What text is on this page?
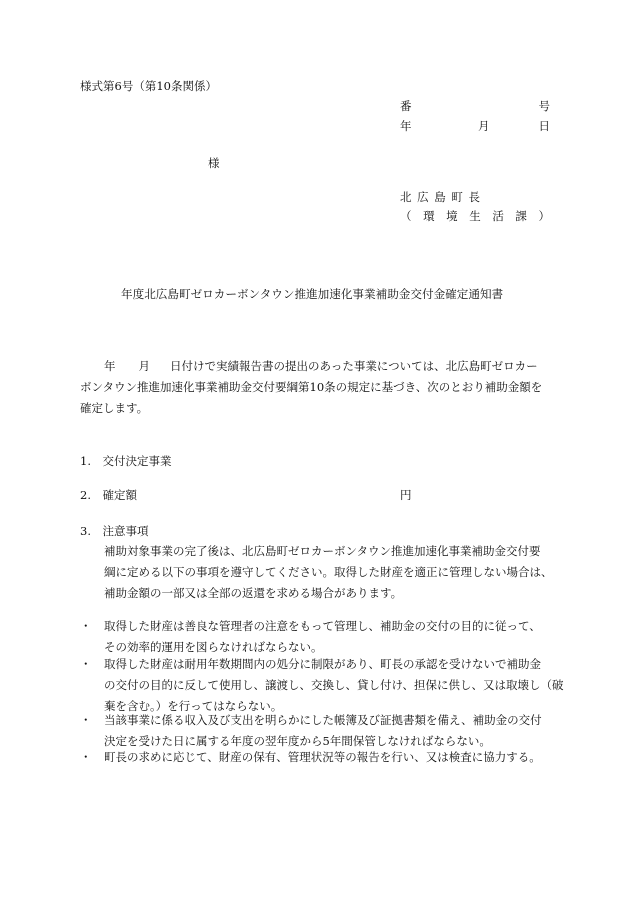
様式第6号（第10条関係）
番	号
年	月	日
様
北 広 島 町 長
（ 環 境 生 活 課 ）
年度北広島町ゼロカーボンタウン推進加速化事業補助金交付金確定通知書
年 月 日付けで実績報告書の提出のあった事業については、北広島町ゼロカー
ボンタウン推進加速化事業補助金交付要綱第10条の規定に基づき、次のとおり補助金額を
確定します。
1.　交付決定事業
2.　確定額	円
3.　注意事項
補助対象事業の完了後は、北広島町ゼロカーボンタウン推進加速化事業補助金交付要
綱に定める以下の事項を遵守してください。取得した財産を適正に管理しない場合は、
補助金額の一部又は全部の返還を求める場合があります。
・ 取得した財産は善良な管理者の注意をもって管理し、補助金の交付の目的に従って、
その効率的運用を図らなければならない。
・ 取得した財産は耐用年数期間内の処分に制限があり、町長の承認を受けないで補助金
の交付の目的に反して使用し、譲渡し、交換し、貸し付け、担保に供し、又は取壊し（破
棄を含む。）を行ってはならない。
・ 当該事業に係る収入及び支出を明らかにした帳簿及び証拠書類を備え、補助金の交付
決定を受けた日に属する年度の翌年度から5年間保管しなければならない。
・ 町長の求めに応じて、財産の保有、管理状況等の報告を行い、又は検査に協力する。
